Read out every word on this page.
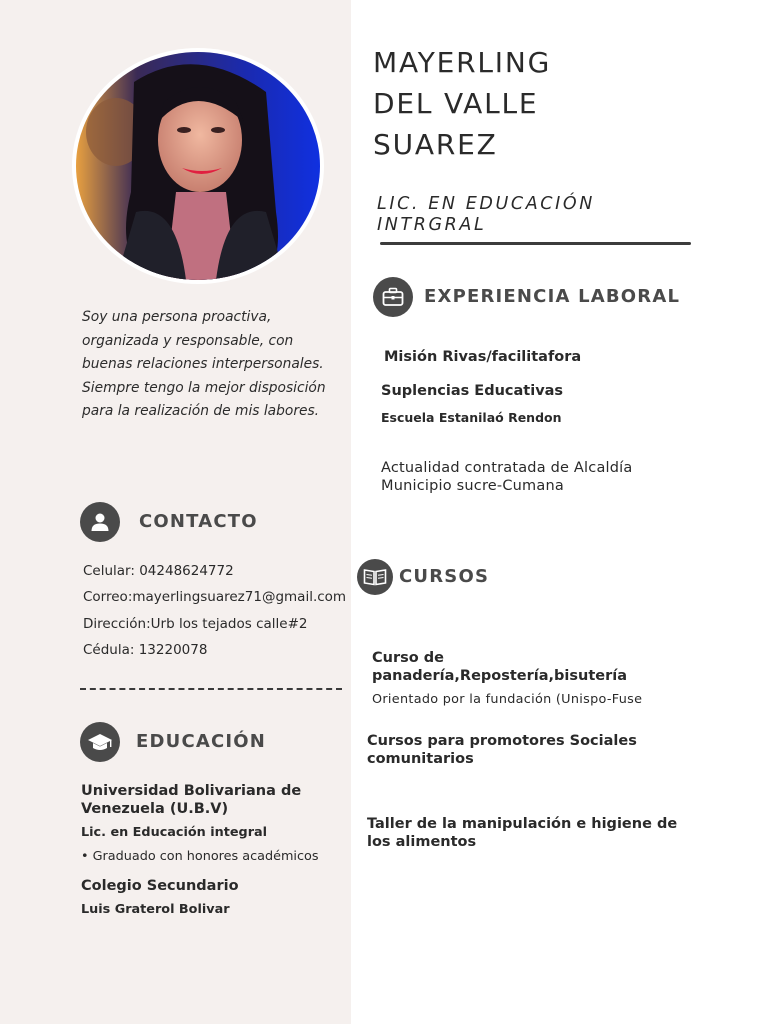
Soy una persona proactiva,
organizada y responsable, con
buenas relaciones interpersonales.
Siempre tengo la mejor disposición
para la realización de mis labores.
CONTACTO
Celular: 04248624772
Correo:mayerlingsuarez71@gmail.com
Dirección:Urb los tejados calle#2
Cédula: 13220078
EDUCACIÓN
Universidad Bolivariana de
Venezuela (U.B.V)
Lic. en Educación integral
• Graduado con honores académicos
Colegio Secundario
Luis Graterol Bolivar
MAYERLING
DEL VALLE
SUAREZ
LIC. EN EDUCACIÓN
INTRGRAL
EXPERIENCIA LABORAL
Misión Rivas/facilitafora
Suplencias Educativas
Escuela Estanilaó Rendon
Actualidad contratada de Alcaldía
Municipio sucre-Cumana
CURSOS
Curso de
panadería,Repostería,bisutería
Orientado por la fundación (Unispo-Fuse
Cursos para promotores Sociales
comunitarios
Taller de la manipulación e higiene de
los alimentos
